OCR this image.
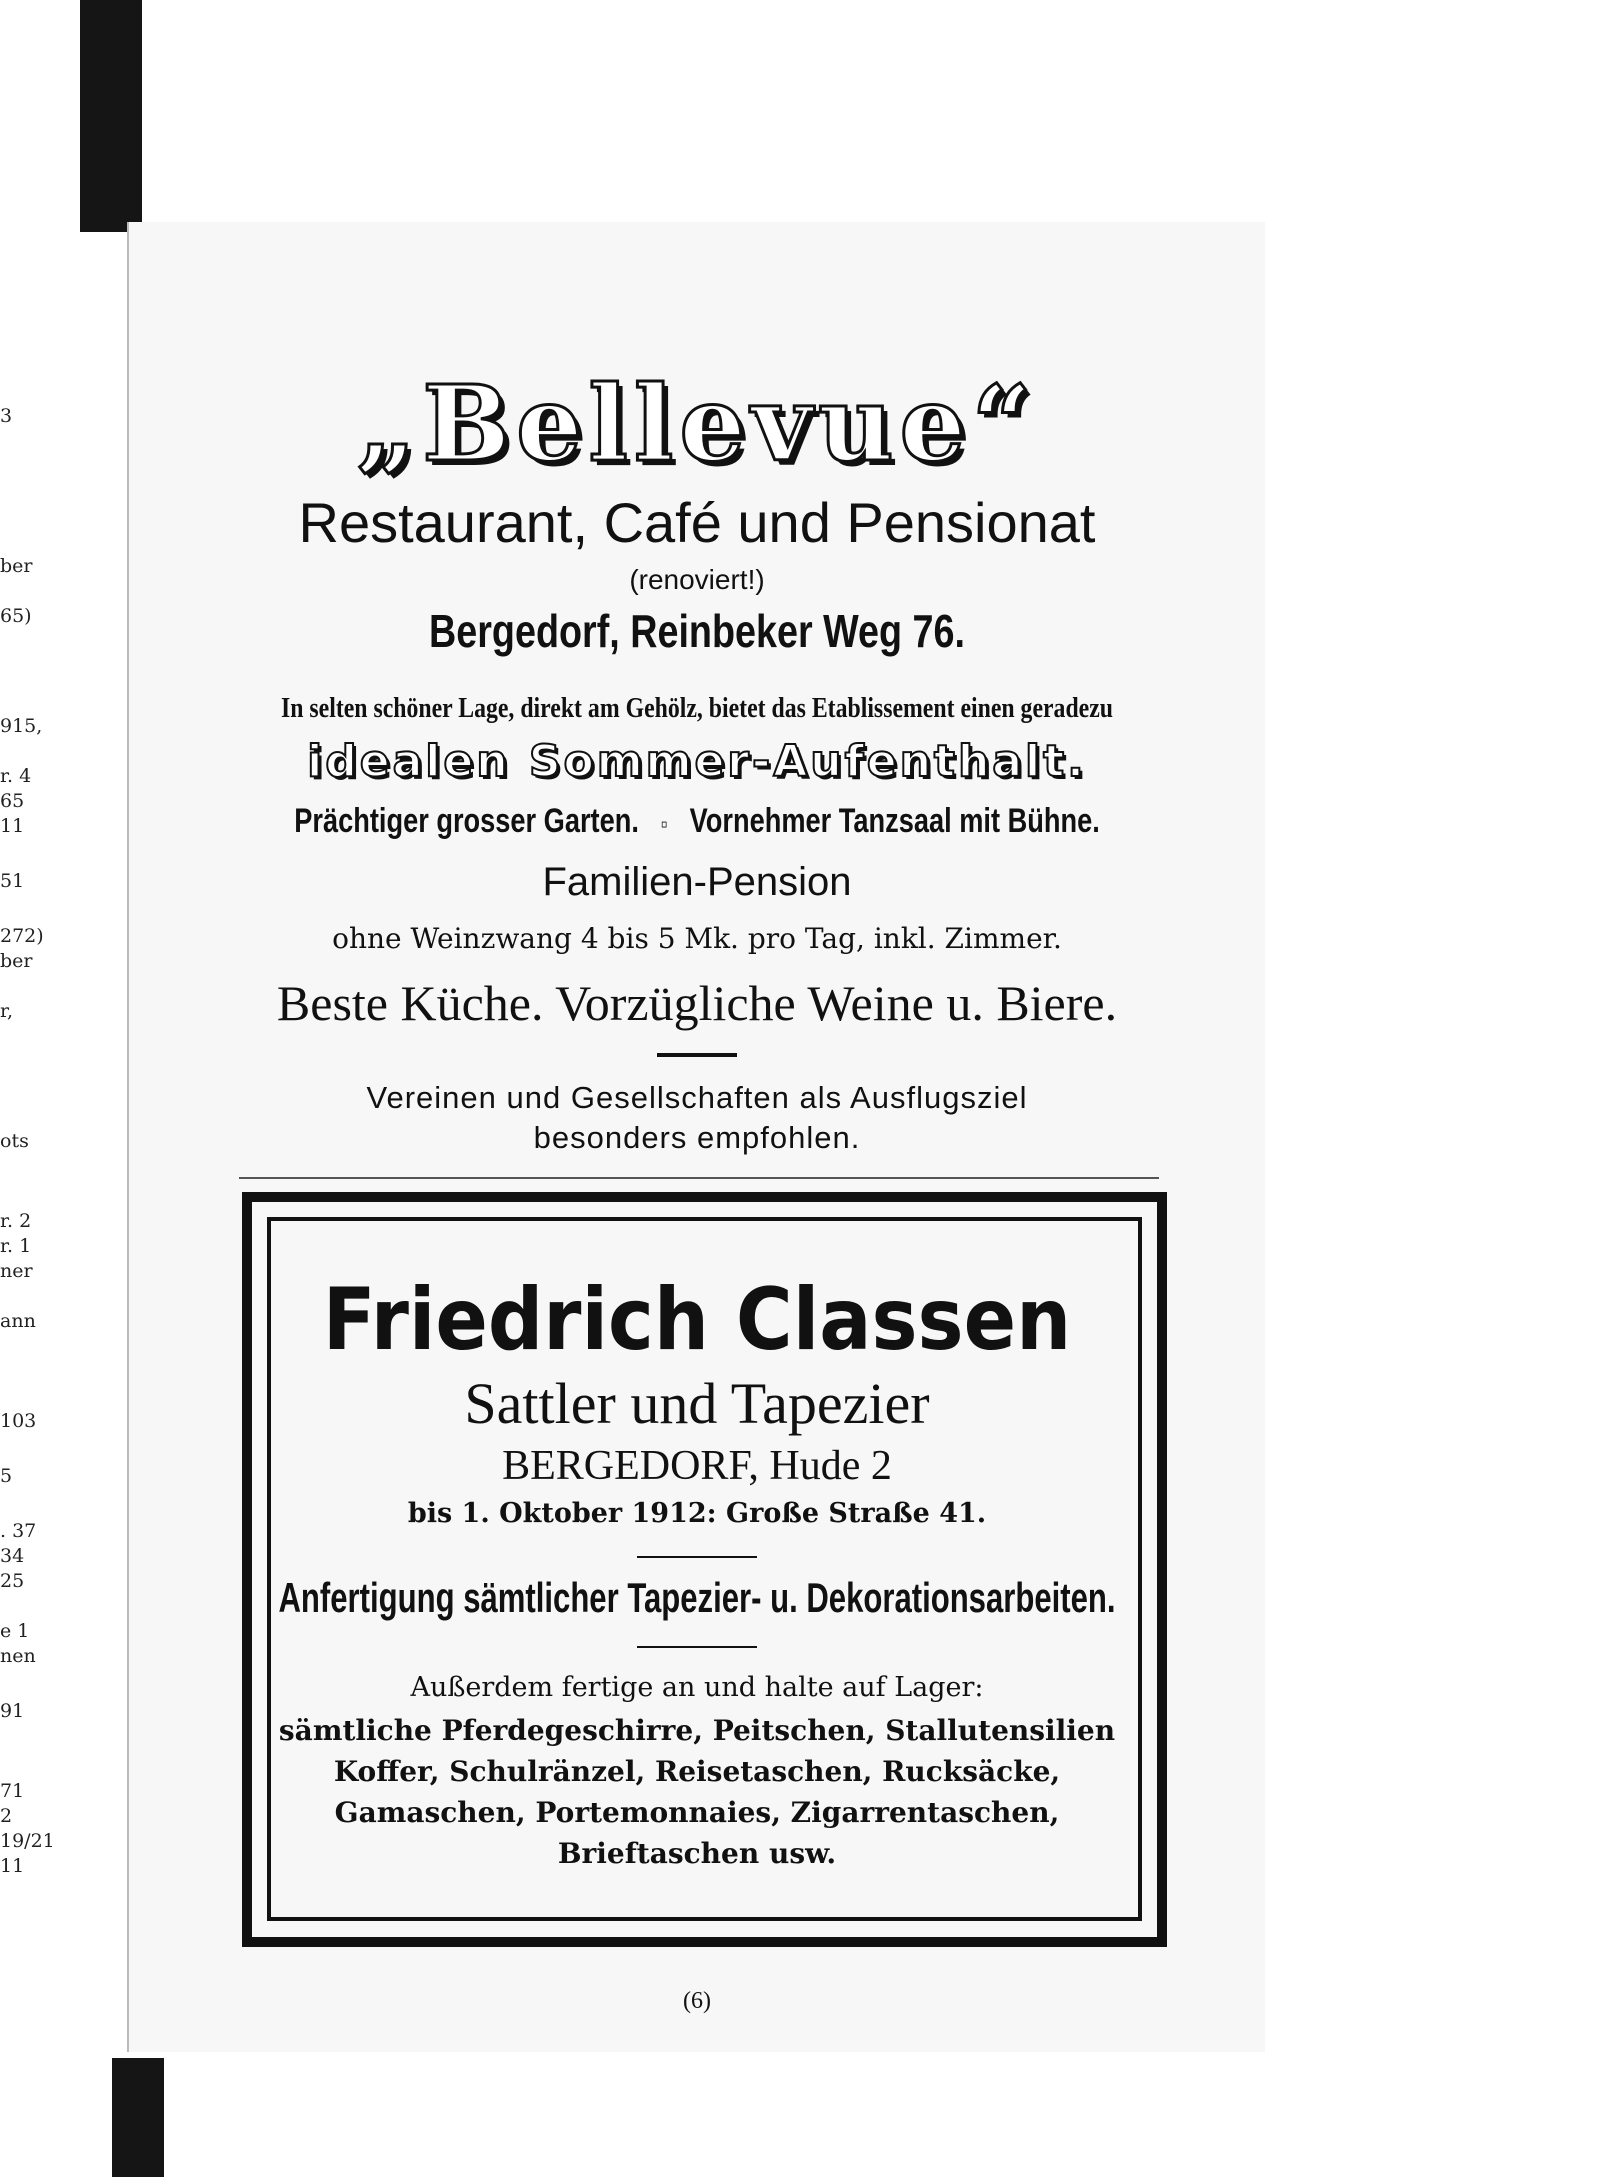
3
ber
65)
915,
r. 4
65
11
51
272)
ber
r,
ots
r. 2
r. 1
ner
ann
103
5
. 37
34
25
e 1
nen
91
71
2
19/21
11
„Bellevue“
Restaurant, Café und Pensionat
(renoviert!)
Bergedorf, Reinbeker Weg 76.
In selten schöner Lage, direkt am Gehölz, bietet das Etablissement einen geradezu
idealen Sommer-Aufenthalt.
Prächtiger grosser Garten. ▫ Vornehmer Tanzsaal mit Bühne.
Familien-Pension
ohne Weinzwang 4 bis 5 Mk. pro Tag, inkl. Zimmer.
Beste Küche. Vorzügliche Weine u. Biere.
Vereinen und Gesellschaften als Ausflugsziel
besonders empfohlen.
Friedrich Classen
Sattler und Tapezier
BERGEDORF, Hude 2
bis 1. Oktober 1912: Große Straße 41.
Anfertigung sämtlicher Tapezier- u. Dekorationsarbeiten.
Außerdem fertige an und halte auf Lager:
sämtliche Pferdegeschirre, Peitschen, Stallutensilien
Koffer, Schulränzel, Reisetaschen, Rucksäcke,
Gamaschen, Portemonnaies, Zigarrentaschen,
Brieftaschen usw.
(6)
